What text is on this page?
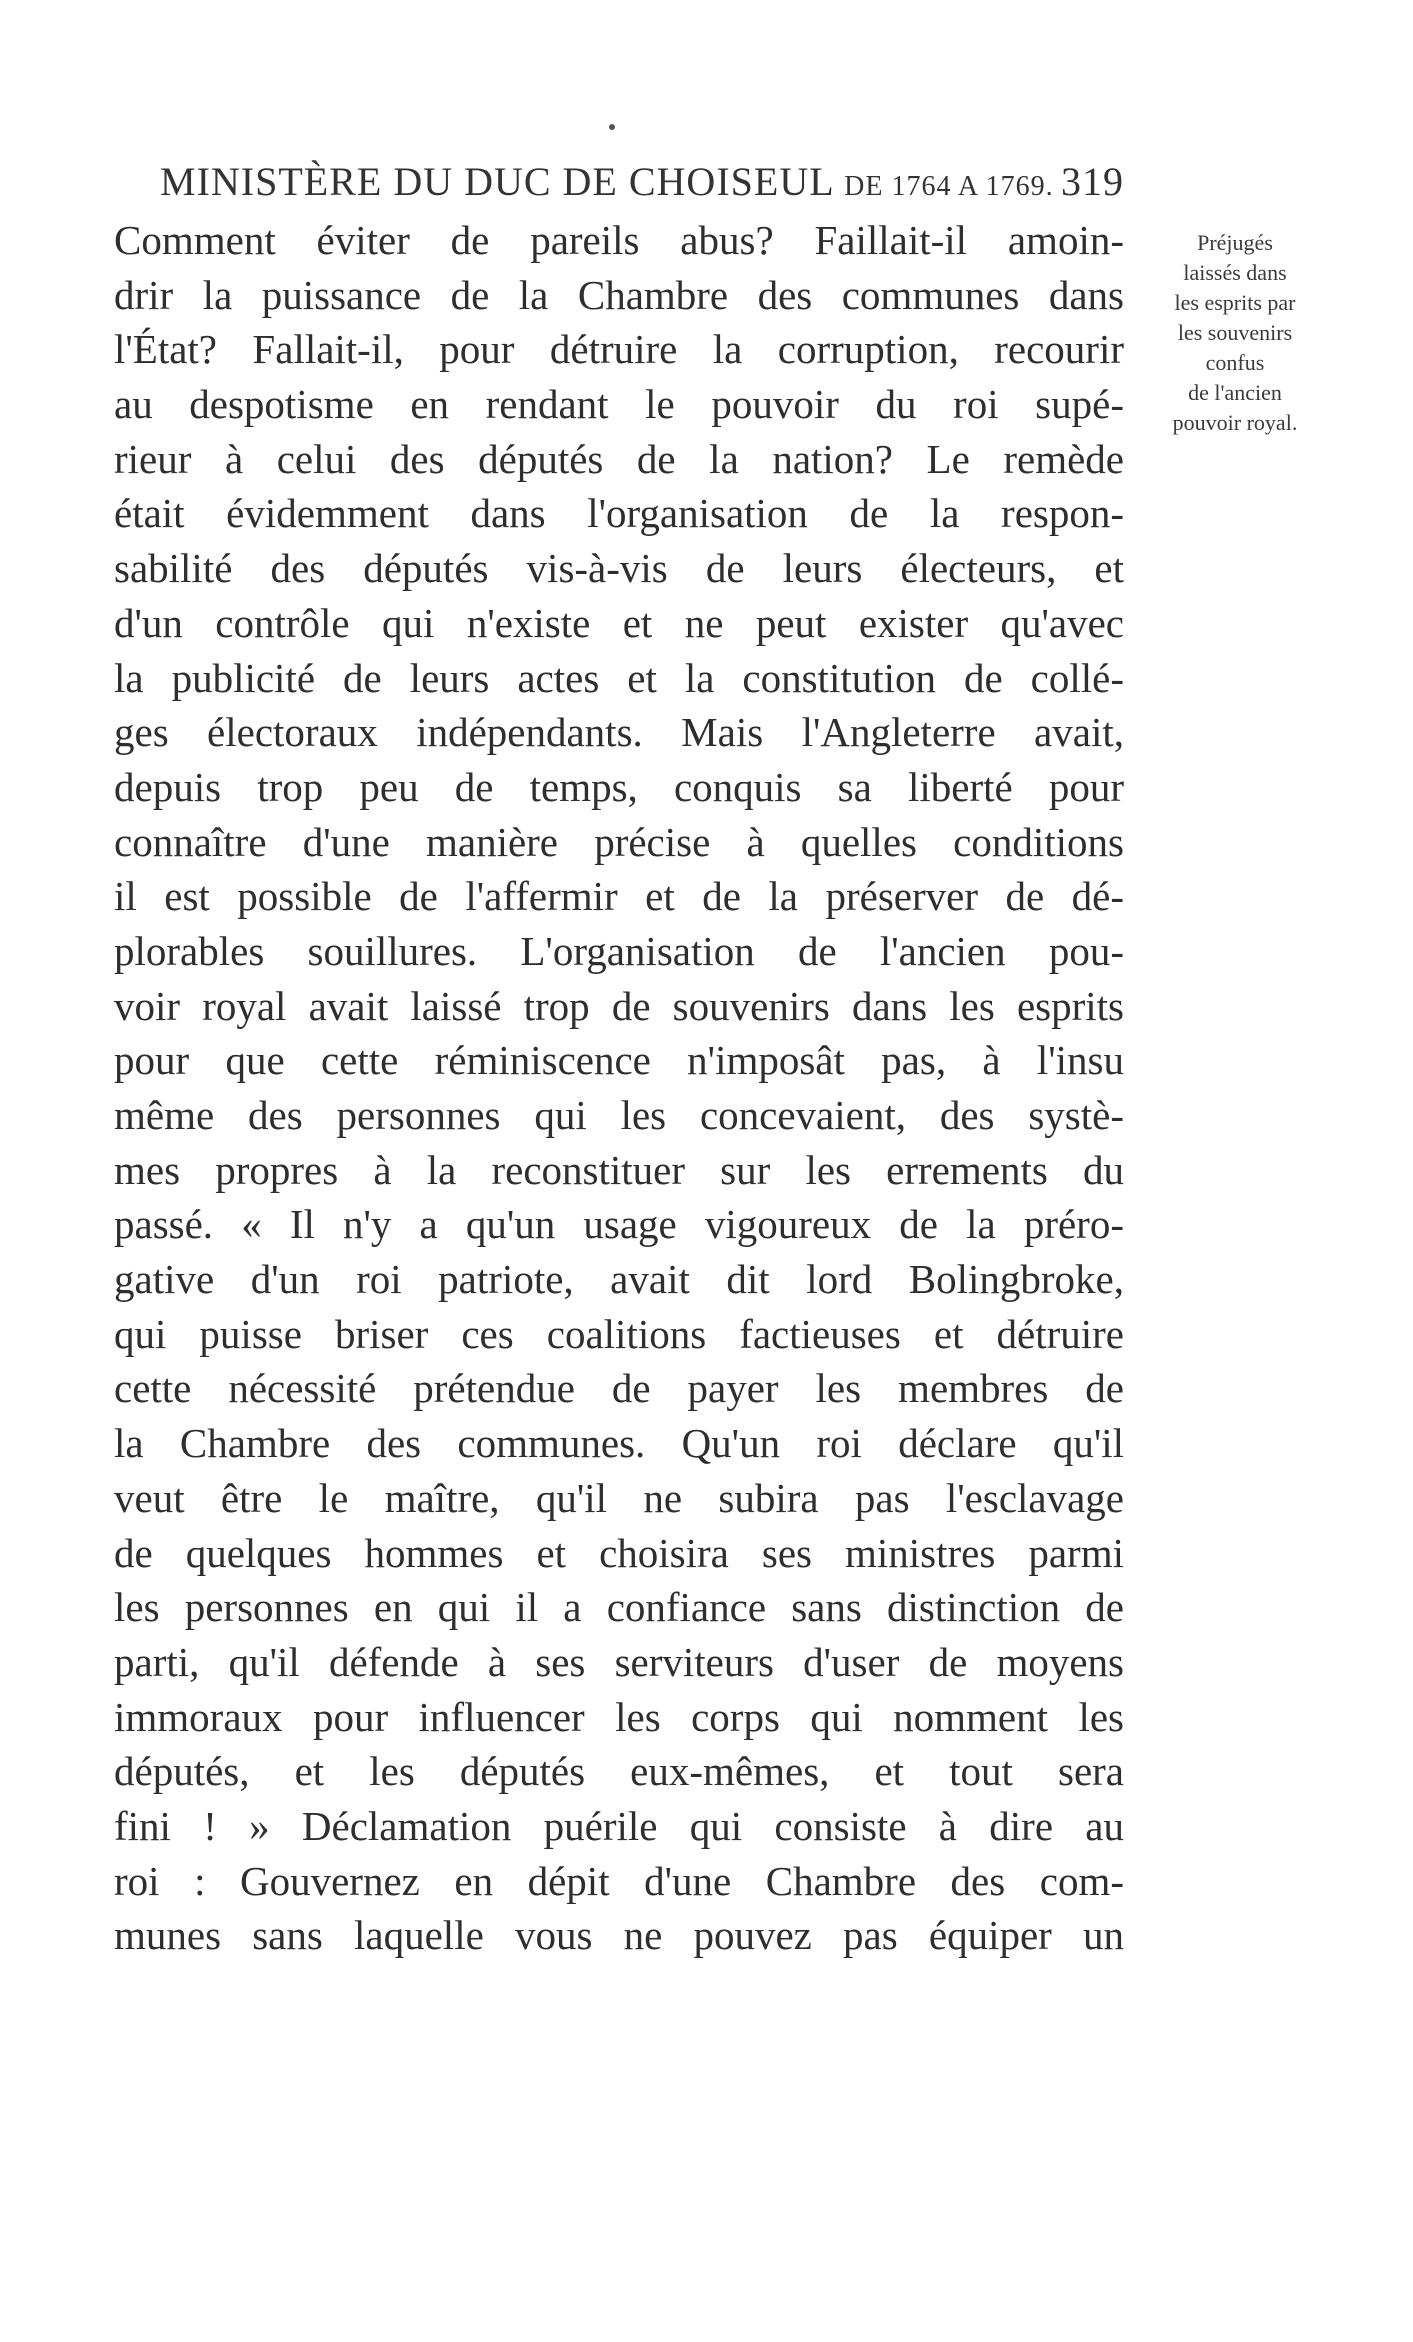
MINISTÈRE DU DUC DE CHOISEUL DE 1764 A 1769. 319
Comment éviter de pareils abus? Faillait-il amoin-
drir la puissance de la Chambre des communes dans
l'État? Fallait-il, pour détruire la corruption, recourir
au despotisme en rendant le pouvoir du roi supé-
rieur à celui des députés de la nation? Le remède
était évidemment dans l'organisation de la respon-
sabilité des députés vis-à-vis de leurs électeurs, et
d'un contrôle qui n'existe et ne peut exister qu'avec
la publicité de leurs actes et la constitution de collé-
ges électoraux indépendants. Mais l'Angleterre avait,
depuis trop peu de temps, conquis sa liberté pour
connaître d'une manière précise à quelles conditions
il est possible de l'affermir et de la préserver de dé-
plorables souillures. L'organisation de l'ancien pou-
voir royal avait laissé trop de souvenirs dans les esprits
pour que cette réminiscence n'imposât pas, à l'insu
même des personnes qui les concevaient, des systè-
mes propres à la reconstituer sur les errements du
passé. « Il n'y a qu'un usage vigoureux de la préro-
gative d'un roi patriote, avait dit lord Bolingbroke,
qui puisse briser ces coalitions factieuses et détruire
cette nécessité prétendue de payer les membres de
la Chambre des communes. Qu'un roi déclare qu'il
veut être le maître, qu'il ne subira pas l'esclavage
de quelques hommes et choisira ses ministres parmi
les personnes en qui il a confiance sans distinction de
parti, qu'il défende à ses serviteurs d'user de moyens
immoraux pour influencer les corps qui nomment les
députés, et les députés eux-mêmes, et tout sera
fini ! » Déclamation puérile qui consiste à dire au
roi : Gouvernez en dépit d'une Chambre des com-
munes sans laquelle vous ne pouvez pas équiper un
Préjugés
laissés dans
les esprits par
les souvenirs
confus
de l'ancien
pouvoir royal.
